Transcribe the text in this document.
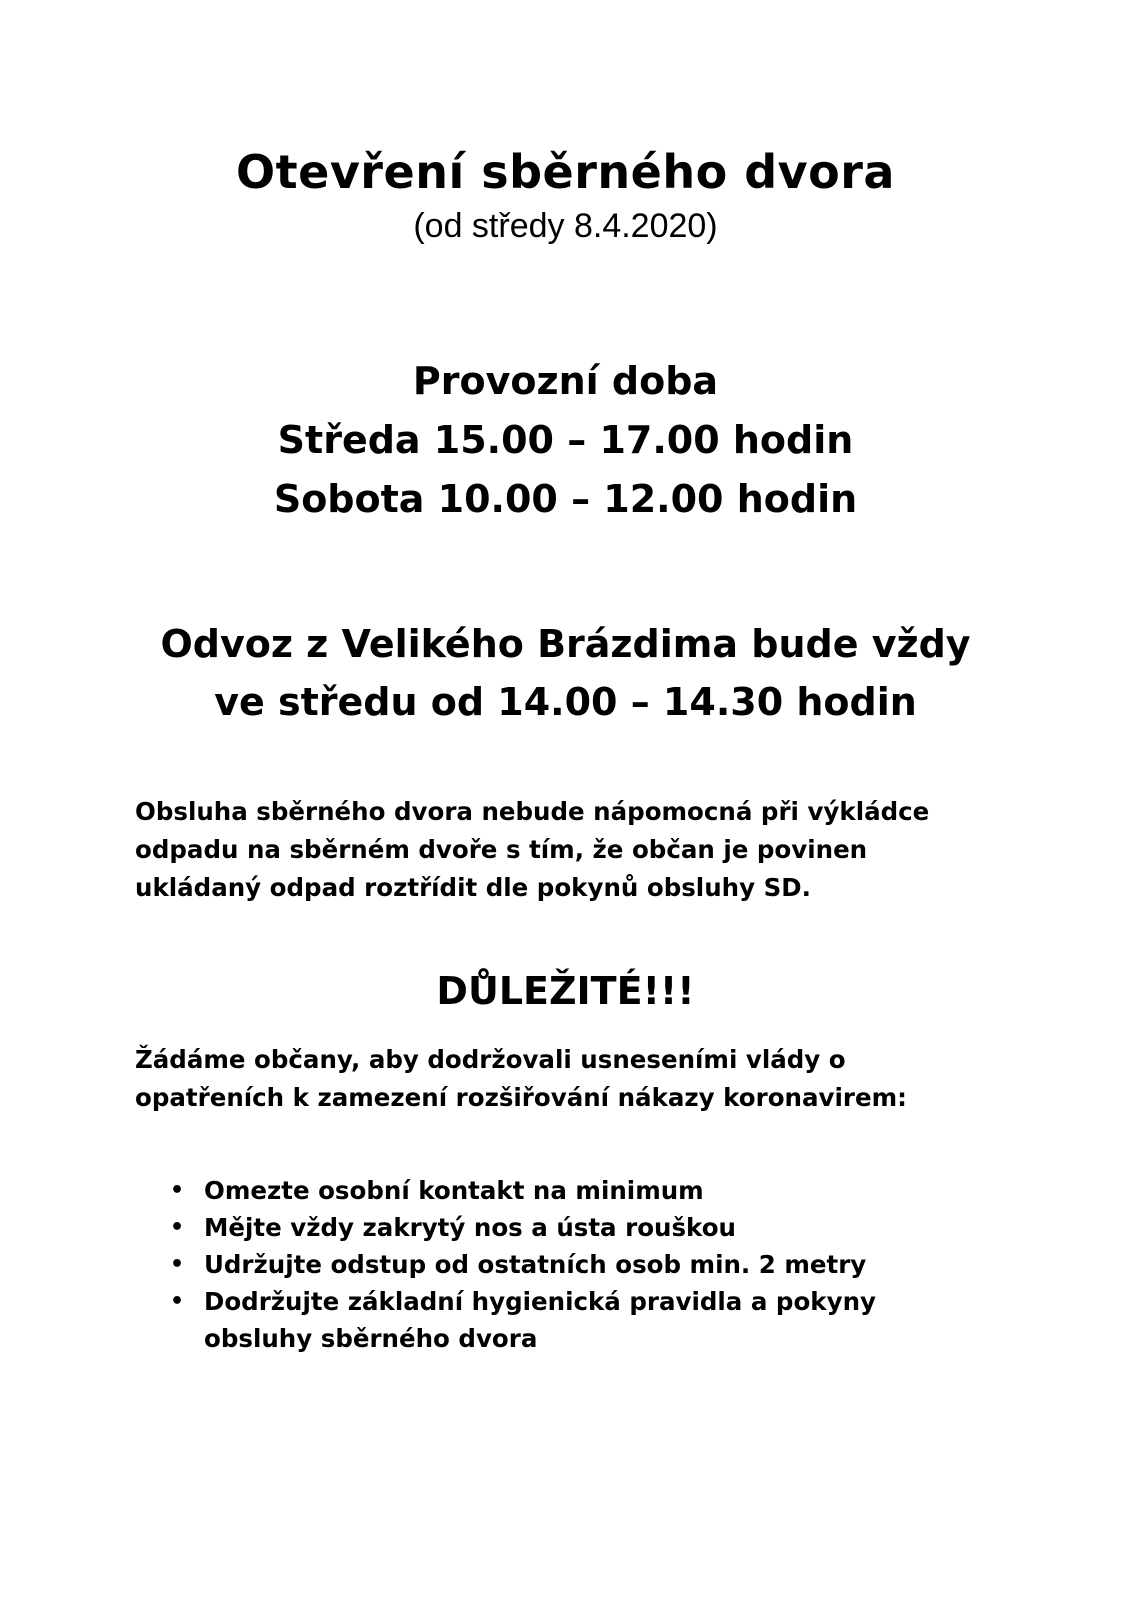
Otevření sběrného dvora

(od středy 8.4.2020)

Provozní doba
Středa 15.00 – 17.00 hodin
Sobota 10.00 – 12.00 hodin
Odvoz z Velikého Brázdima bude vždy
ve středu od 14.00 – 14.30 hodin
Obsluha sběrného dvora nebude nápomocná při výkládce
odpadu na sběrném dvoře s tím, že občan je povinen
ukládaný odpad roztřídit dle pokynů obsluhy SD.
DŮLEŽITÉ!!!
Žádáme občany, aby dodržovali usneseními vlády o
opatřeních k zamezení rozšiřování nákazy koronavirem:
• Omezte osobní kontakt na minimum
• Mějte vždy zakrytý nos a ústa rouškou
• Udržujte odstup od ostatních osob min. 2 metry
• Dodržujte základní hygienická pravidla a pokyny
obsluhy sběrného dvora
